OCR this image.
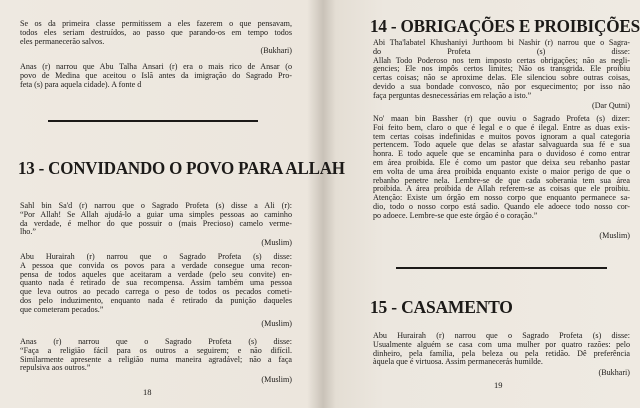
Se os da primeira classe permitissem a eles fazerem o que pensavam,
todos eles seriam destruídos, ao passo que parando-os em tempo todos
eles permanecerão salvos.
(Bukhari)
Anas (r) narrou que Abu Talha Ansari (r) era o mais rico de Ansar (o
povo de Medina que aceitou o Islã antes da imigração do Sagrado Pro-
feta (s) para aquela cidade). A fonte d
13 - CONVIDANDO O POVO PARA ALLAH
Sahl bin Sa'd (r) narrou que o Sagrado Profeta (s) disse a Ali (r):
“Por Allah! Se Allah ajudá-lo a guiar uma simples pessoas ao caminho
da verdade, é melhor do que possuir o (mais Precioso) camelo verme-
lho.”
(Muslim)
Abu Hurairah (r) narrou que o Sagrado Profeta (s) disse:
A pessoa que convida os povos para a verdade consegue uma recon-
pensa de todos aqueles que aceitaram a verdade (pelo seu convite) en-
quanto nada é retirado de sua recompensa. Assim também uma pessoa
que leva outros ao pecado carrega o peso de todos os pecados cometi-
dos pelo induzimento, enquanto nada é retirado da punição daqueles
que cometeram pecados.”
(Muslim)
Anas (r) narrou que o Sagrado Profeta (s) disse:
“Faça a religião fácil para os outros a seguirem; e não difícil.
Similarmente apresente a religião numa maneira agradável; não a faça
repulsiva aos outros.”
(Muslim)
18
14 - OBRIGAÇÕES E PROIBIÇÕES
Abi Tha'labatel Khushaniyi Jurthoom bi Nashir (r) narrou que o Sagra-
do Profeta (s) disse:
Allah Todo Poderoso nos tem imposto certas obrigações; não as negli-
gencies; Ele nos impôs certos limites; Não os transgrida. Ele proibiu
certas coisas; não se aproxime delas. Ele silenciou sobre outras coisas,
devido a sua bondade convosco, não por esquecimento; por isso não
faça perguntas desnecessárias em relação a isto.”
(Dar Qutni)
No' maan bin Bassher (r) que ouviu o Sagrado Profeta (s) dizer:
Foi feito bem, claro o que é legal e o que é ilegal. Entre as duas exis-
tem certas coisas indefinidas e muitos povos ignoram a qual categoria
pertencem. Todo aquele que delas se afastar salvaguarda sua fé e sua
honra. E todo aquele que se encaminha para o duvidoso é como entrar
em área proibida. Ele é como um pastor que deixa seu rebanho pastar
em volta de uma área proibida enquanto existe o maior perigo de que o
rebanho penetre nela. Lembre-se de que cada soberania tem sua área
proibida. A área proibida de Allah referem-se as coisas que ele proibiu.
Atenção: Existe um órgão em nosso corpo que enquanto permanece sa-
dio, todo o nosso corpo está sadio. Quando ele adoece todo nosso cor-
po adoece. Lembre-se que este órgão é o coração.”
(Muslim)
15 - CASAMENTO
Abu Hurairah (r) narrou que o Sagrado Profeta (s) disse:
Usualmente alguém se casa com uma mulher por quatro razões: pelo
dinheiro, pela família, pela beleza ou pela retidão. Dê preferência
àquela que é virtuosa. Assim permanecerás humilde.
(Bukhari)
19
